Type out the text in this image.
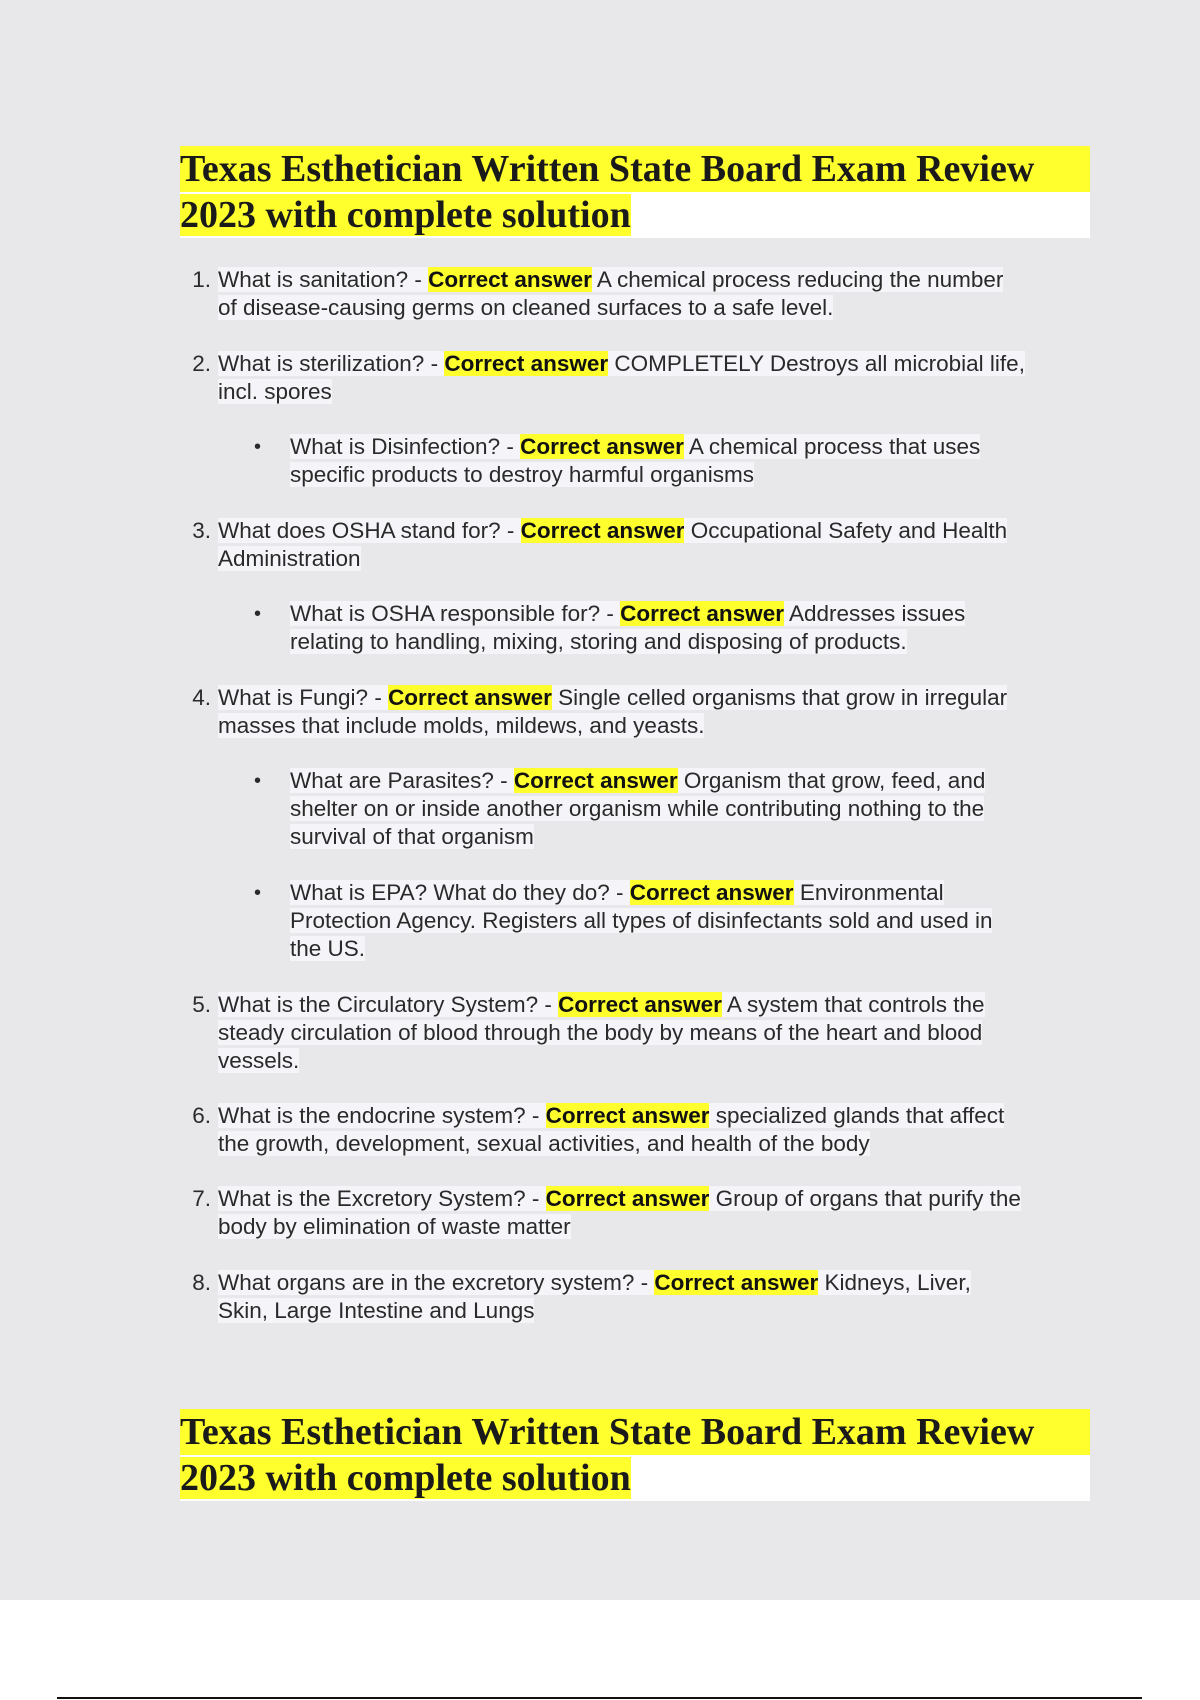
Texas Esthetician Written State Board Exam Review
2023 with complete solution
1. What is sanitation? - Correct answer A chemical process reducing the number
of disease-causing germs on cleaned surfaces to a safe level.
2. What is sterilization? - Correct answer COMPLETELY Destroys all microbial life,
incl. spores
• What is Disinfection? - Correct answer A chemical process that uses
specific products to destroy harmful organisms
3. What does OSHA stand for? - Correct answer Occupational Safety and Health
Administration
• What is OSHA responsible for? - Correct answer Addresses issues
relating to handling, mixing, storing and disposing of products.
4. What is Fungi? - Correct answer Single celled organisms that grow in irregular
masses that include molds, mildews, and yeasts.
• What are Parasites? - Correct answer Organism that grow, feed, and
shelter on or inside another organism while contributing nothing to the
survival of that organism
• What is EPA? What do they do? - Correct answer Environmental
Protection Agency. Registers all types of disinfectants sold and used in
the US.
5. What is the Circulatory System? - Correct answer A system that controls the
steady circulation of blood through the body by means of the heart and blood
vessels.
6. What is the endocrine system? - Correct answer specialized glands that affect
the growth, development, sexual activities, and health of the body
7. What is the Excretory System? - Correct answer Group of organs that purify the
body by elimination of waste matter
8. What organs are in the excretory system? - Correct answer Kidneys, Liver,
Skin, Large Intestine and Lungs
Texas Esthetician Written State Board Exam Review
2023 with complete solution
